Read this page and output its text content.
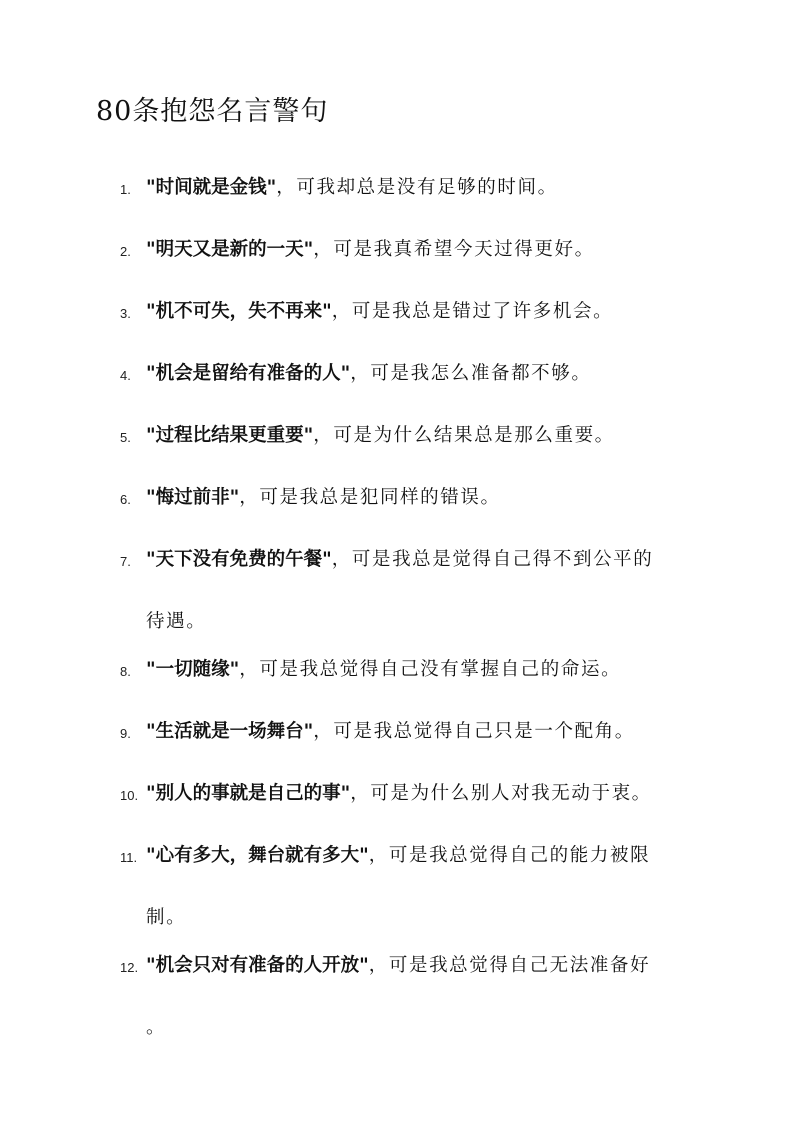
80条抱怨名言警句
1. "时间就是金钱"，可我却总是没有足够的时间。
2. "明天又是新的一天"，可是我真希望今天过得更好。
3. "机不可失，失不再来"，可是我总是错过了许多机会。
4. "机会是留给有准备的人"，可是我怎么准备都不够。
5. "过程比结果更重要"，可是为什么结果总是那么重要。
6. "悔过前非"，可是我总是犯同样的错误。
7. "天下没有免费的午餐"，可是我总是觉得自己得不到公平的
待遇。
8. "一切随缘"，可是我总觉得自己没有掌握自己的命运。
9. "生活就是一场舞台"，可是我总觉得自己只是一个配角。
10. "别人的事就是自己的事"，可是为什么别人对我无动于衷。
11. "心有多大，舞台就有多大"，可是我总觉得自己的能力被限
制。
12. "机会只对有准备的人开放"，可是我总觉得自己无法准备好
。
